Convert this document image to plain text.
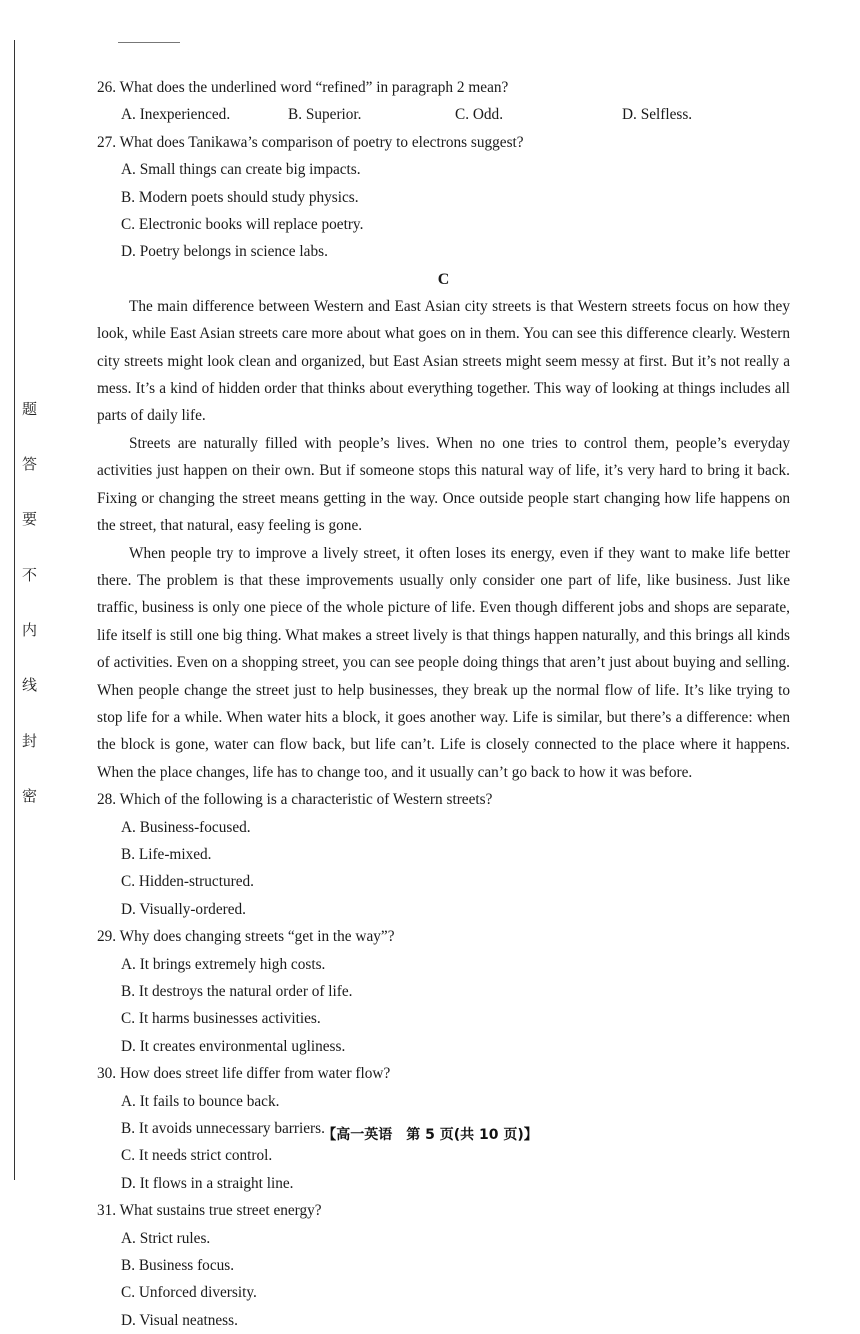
题
答
要
不
内
线
封
密

26. What does the underlined word “refined” in paragraph 2 mean?

A. Inexperienced.	B. Superior.	C. Odd.	D. Selfless.

27. What does Tanikawa’s comparison of poetry to electrons suggest?

A. Small things can create big impacts.
B. Modern poets should study physics.
C. Electronic books will replace poetry.
D. Poetry belongs in science labs.

C

The main difference between Western and East Asian city streets is that Western streets focus on how they look, while East Asian streets care more about what goes on in them. You can see this difference clearly. Western city streets might look clean and organized, but East Asian streets might seem messy at first. But it’s not really a mess. It’s a kind of hidden order that thinks about everything together. This way of looking at things includes all parts of daily life.

Streets are naturally filled with people’s lives. When no one tries to control them, people’s everyday activities just happen on their own. But if someone stops this natural way of life, it’s very hard to bring it back. Fixing or changing the street means getting in the way. Once outside people start changing how life happens on the street, that natural, easy feeling is gone.

When people try to improve a lively street, it often loses its energy, even if they want to make life better there. The problem is that these improvements usually only consider one part of life, like business. Just like traffic, business is only one piece of the whole picture of life. Even though different jobs and shops are separate, life itself is still one big thing. What makes a street lively is that things happen naturally, and this brings all kinds of activities. Even on a shopping street, you can see people doing things that aren’t just about buying and selling. When people change the street just to help businesses, they break up the normal flow of life. It’s like trying to stop life for a while. When water hits a block, it goes another way. Life is similar, but there’s a difference: when the block is gone, water can flow back, but life can’t. Life is closely connected to the place where it happens. When the place changes, life has to change too, and it usually can’t go back to how it was before.

28. Which of the following is a characteristic of Western streets?

A. Business-focused.
B. Life-mixed.
C. Hidden-structured.
D. Visually-ordered.

29. Why does changing streets “get in the way”?

A. It brings extremely high costs.
B. It destroys the natural order of life.
C. It harms businesses activities.
D. It creates environmental ugliness.

30. How does street life differ from water flow?

A. It fails to bounce back.
B. It avoids unnecessary barriers.
C. It needs strict control.
D. It flows in a straight line.

31. What sustains true street energy?

A. Strict rules.
B. Business focus.
C. Unforced diversity.
D. Visual neatness.
【高一英语　第 5 页(共 10 页)】
